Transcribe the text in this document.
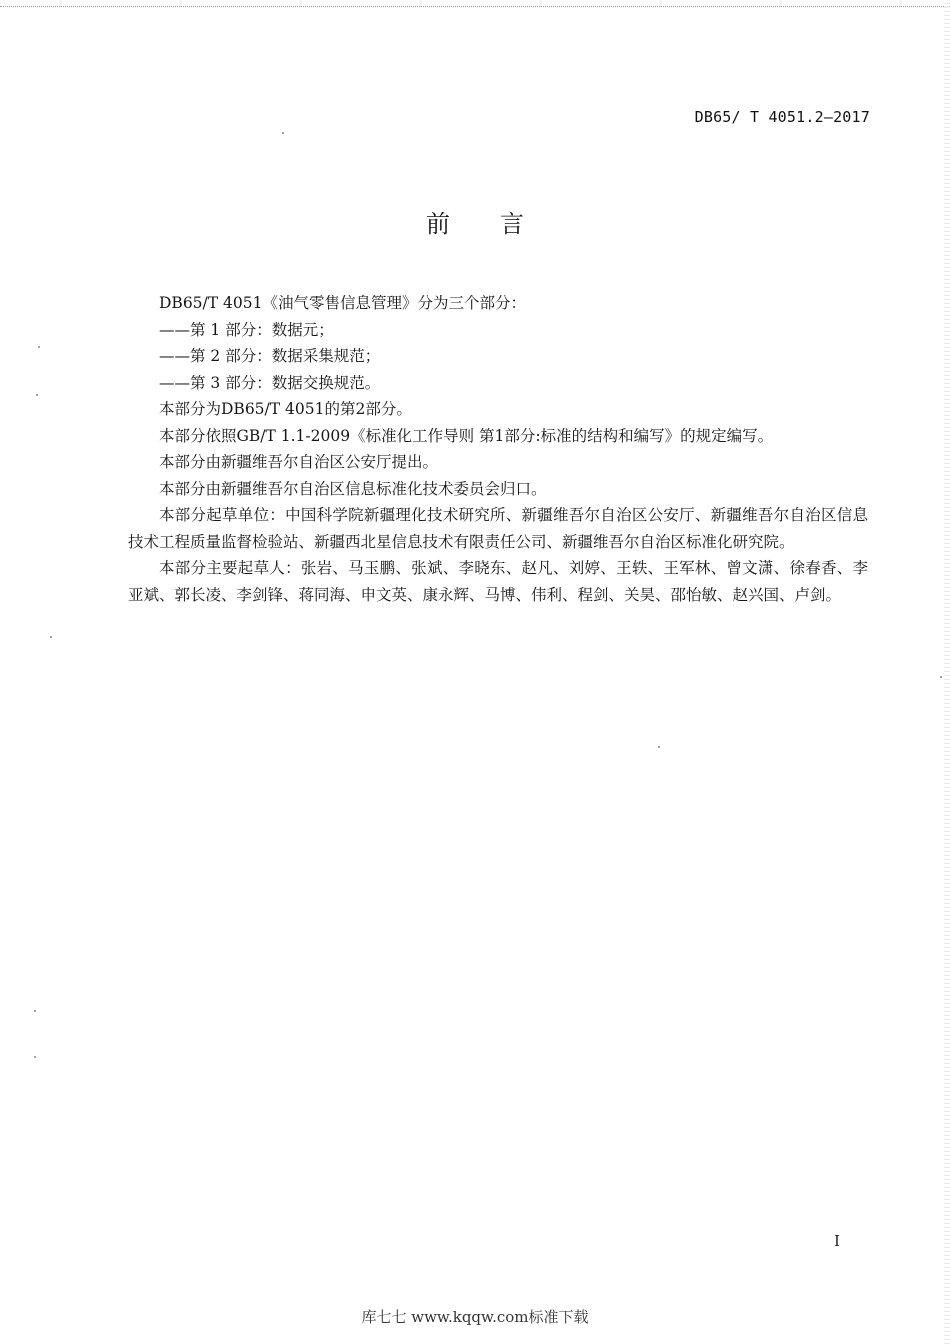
DB65/ T 4051.2—2017
前言

DB65/T 4051《油气零售信息管理》分为三个部分：

——第 1 部分：数据元；

——第 2 部分：数据采集规范；

——第 3 部分：数据交换规范。

本部分为DB65/T 4051的第2部分。

本部分依照GB/T 1.1-2009《标准化工作导则 第1部分:标准的结构和编写》的规定编写。

本部分由新疆维吾尔自治区公安厅提出。

本部分由新疆维吾尔自治区信息标准化技术委员会归口。

本部分起草单位：中国科学院新疆理化技术研究所、新疆维吾尔自治区公安厅、新疆维吾尔自治区信息技术工程质量监督检验站、新疆西北星信息技术有限责任公司、新疆维吾尔自治区标准化研究院。

本部分主要起草人：张岩、马玉鹏、张斌、李晓东、赵凡、刘婷、王轶、王军林、曾文潇、徐春香、李亚斌、郭长凌、李剑锋、蒋同海、申文英、康永辉、马博、伟利、程剑、关昊、邵怡敏、赵兴国、卢剑。

I
库七七 www.kqqw.com标准下载
